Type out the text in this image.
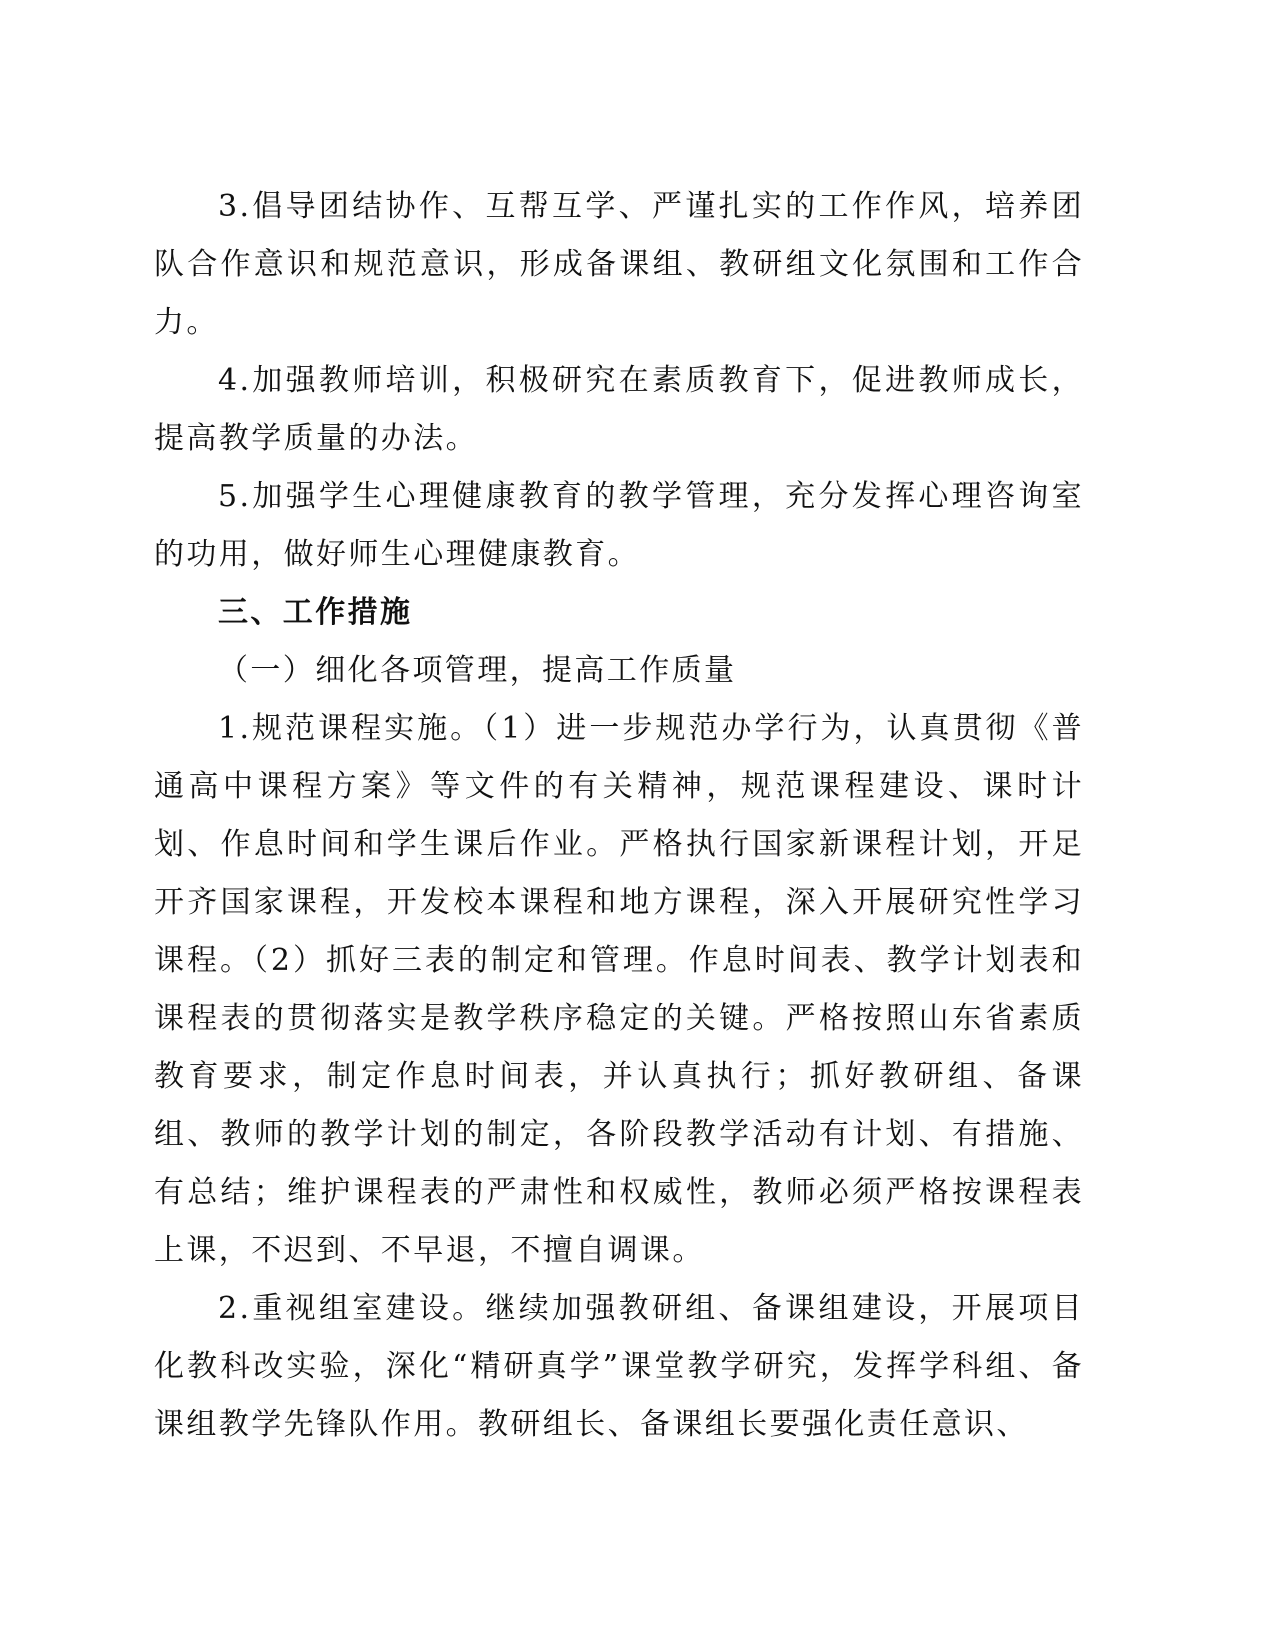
3.倡导团结协作、互帮互学、严谨扎实的工作作风，培养团队合作意识和规范意识，形成备课组、教研组文化氛围和工作合力。

4.加强教师培训，积极研究在素质教育下，促进教师成长，提高教学质量的办法。

5.加强学生心理健康教育的教学管理，充分发挥心理咨询室的功用，做好师生心理健康教育。

三、工作措施

（一）细化各项管理，提高工作质量

1.规范课程实施。（1）进一步规范办学行为，认真贯彻《普通高中课程方案》等文件的有关精神，规范课程建设、课时计划、作息时间和学生课后作业。严格执行国家新课程计划，开足开齐国家课程，开发校本课程和地方课程，深入开展研究性学习课程。（2）抓好三表的制定和管理。作息时间表、教学计划表和课程表的贯彻落实是教学秩序稳定的关键。严格按照山东省素质教育要求，制定作息时间表，并认真执行；抓好教研组、备课组、教师的教学计划的制定，各阶段教学活动有计划、有措施、有总结；维护课程表的严肃性和权威性，教师必须严格按课程表上课，不迟到、不早退，不擅自调课。

2.重视组室建设。继续加强教研组、备课组建设，开展项目化教科改实验，深化“精研真学”课堂教学研究，发挥学科组、备课组教学先锋队作用。教研组长、备课组长要强化责任意识、
